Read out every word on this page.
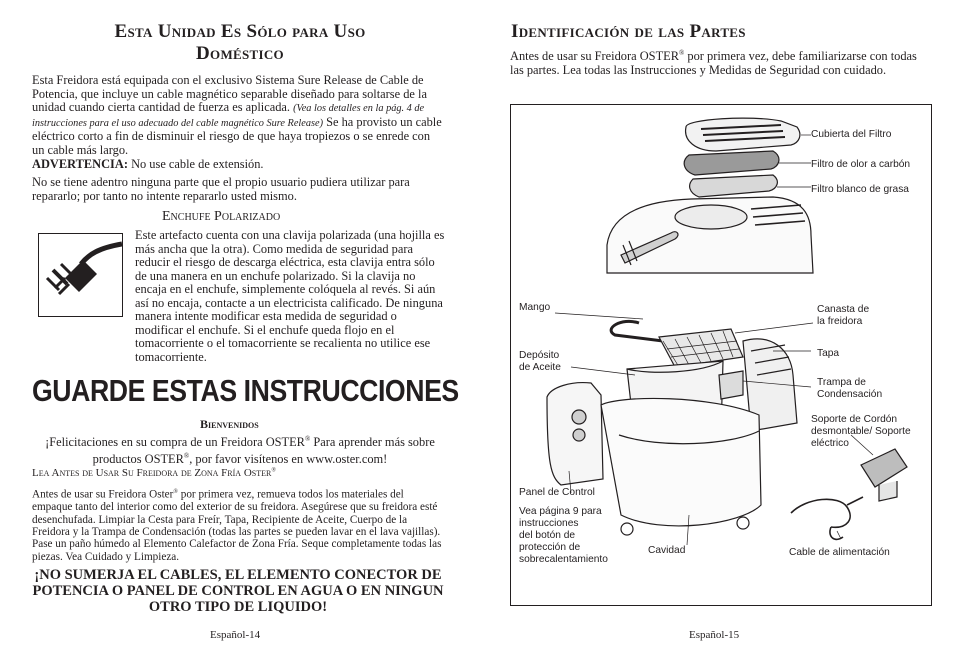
Esta Unidad Es Sólo para Uso
Doméstico

Esta Freidora está equipada con el exclusivo Sistema Sure Release de Cable de Potencia, que incluye un cable magnético separable diseñado para soltarse de la unidad cuando cierta cantidad de fuerza es aplicada. (Vea los detalles en la pág. 4 de instrucciones para el uso adecuado del cable magnético Sure Release) Se ha provisto un cable eléctrico corto a fin de disminuir el riesgo de que haya tropiezos o se enrede con un cable más largo.

ADVERTENCIA: No use cable de extensión.

No se tiene adentro ninguna parte que el propio usuario pudiera utilizar para repararlo; por tanto no intente repararlo usted mismo.

Enchufe Polarizado

Este artefacto cuenta con una clavija polarizada (una hojilla es más ancha que la otra). Como medida de seguridad para reducir el riesgo de descarga eléctrica, esta clavija entra sólo de una manera en un enchufe polarizado. Si la clavija no encaja en el enchufe, simplemente colóquela al revés. Si aún así no encaja, contacte a un electricista calificado. De ninguna manera intente modificar esta medida de seguridad o modificar el enchufe. Si el enchufe queda flojo en el tomacorriente o el tomacorriente se recalienta no utilice ese tomacorriente.

GUARDE ESTAS INSTRUCCIONES
Bienvenidos

¡Felicitaciones en su compra de un Freidora OSTER® Para aprender más sobre productos OSTER®, por favor visítenos en www.oster.com!

Lea Antes de Usar Su Freidora de Zona Fría Oster®

Antes de usar su Freidora Oster® por primera vez, remueva todos los materiales del empaque tanto del interior como del exterior de su freidora. Asegúrese que su freidora esté desenchufada. Limpiar la Cesta para Freír, Tapa, Recipiente de Aceite, Cuerpo de la Freidora y la Trampa de Condensación (todas las partes se pueden lavar en el lava vajillas). Pase un paño húmedo al Elemento Calefactor de Zona Fría. Seque completamente todas las piezas. Vea Cuidado y Limpieza.

¡NO SUMERJA EL CABLES, EL ELEMENTO CONECTOR DE POTENCIA O PANEL DE CONTROL EN AGUA O EN NINGUN OTRO TIPO DE LIQUIDO!
Español-14
Identificación de las Partes

Antes de usar su Freidora OSTER® por primera vez, debe familiarizarse con todas las partes. Lea todas las Instrucciones y Medidas de Seguridad con cuidado.

Cubierta del Filtro
Filtro de olor a carbón
Filtro blanco de grasa
Mango	Canasta de
la freidora
Depósito
de Aceite
Tapa
Trampa de
Condensación
Soporte de Cordón
desmontable/ Soporte
eléctrico
Panel de Control
Vea página 9 para
instrucciones
del botón de
protección de
sobrecalentamiento
Cavidad	Cable de alimentación
Español-15
